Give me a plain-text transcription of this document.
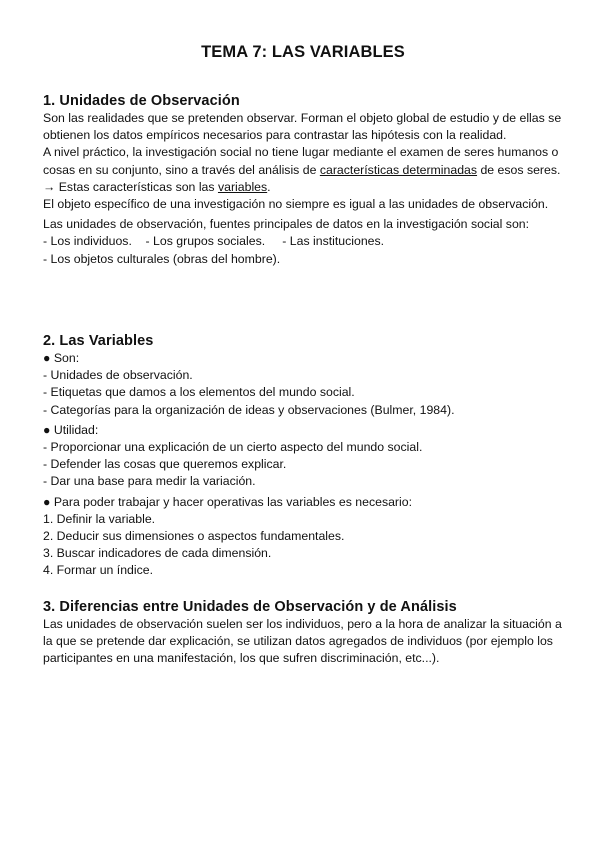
TEMA 7: LAS VARIABLES
1. Unidades de Observación

Son las realidades que se pretenden observar. Forman el objeto global de estudio y de ellas se obtienen los datos empíricos necesarios para contrastar las hipótesis con la realidad.

A nivel práctico, la investigación social no tiene lugar mediante el examen de seres humanos o cosas en su conjunto, sino a través del análisis de características determinadas de esos seres. → Estas características son las variables.

El objeto específico de una investigación no siempre es igual a las unidades de observación.

Las unidades de observación, fuentes principales de datos en la investigación social son:

- Los individuos. - Los grupos sociales. - Las instituciones.
- Los objetos culturales (obras del hombre).
2. Las Variables
● Son:
- Unidades de observación.
- Etiquetas que damos a los elementos del mundo social.
- Categorías para la organización de ideas y observaciones (Bulmer, 1984).
● Utilidad:
- Proporcionar una explicación de un cierto aspecto del mundo social.
- Defender las cosas que queremos explicar.
- Dar una base para medir la variación.
● Para poder trabajar y hacer operativas las variables es necesario:
1. Definir la variable.
2. Deducir sus dimensiones o aspectos fundamentales.
3. Buscar indicadores de cada dimensión.
4. Formar un índice.
3. Diferencias entre Unidades de Observación y de Análisis

Las unidades de observación suelen ser los individuos, pero a la hora de analizar la situación a la que se pretende dar explicación, se utilizan datos agregados de individuos (por ejemplo los participantes en una manifestación, los que sufren discriminación, etc...).
